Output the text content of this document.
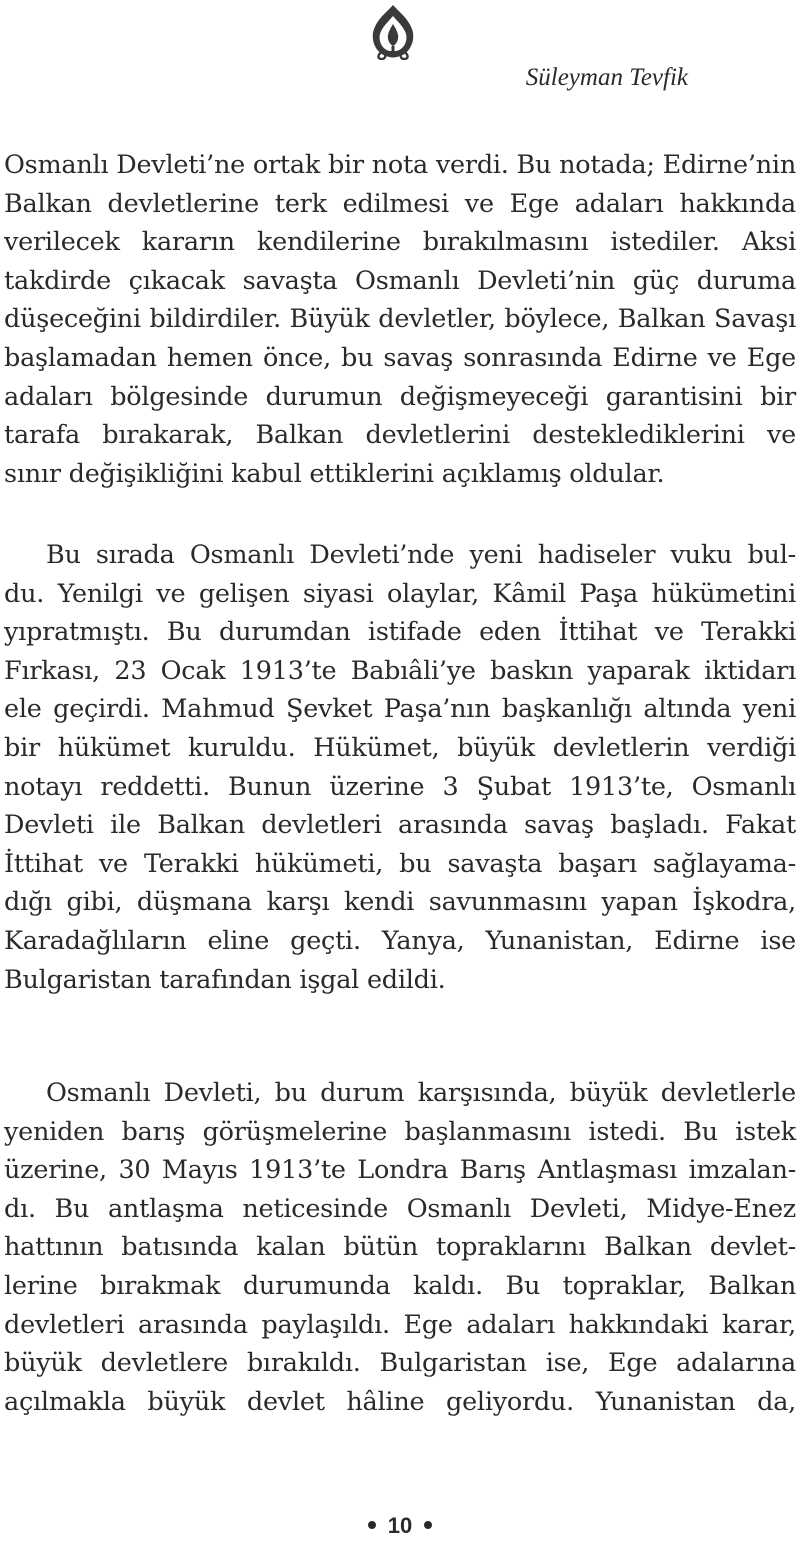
Süleyman Tevfik
Osmanlı Devleti’ne ortak bir nota verdi. Bu notada; Edirne’nin
Balkan devletlerine terk edilmesi ve Ege adaları hakkında
verilecek kararın kendilerine bırakılmasını istediler. Aksi
takdirde çıkacak savaşta Osmanlı Devleti’nin güç duruma
düşeceğini bildirdiler. Büyük devletler, böylece, Balkan Savaşı
başlamadan hemen önce, bu savaş sonrasında Edirne ve Ege
adaları bölgesinde durumun değişmeyeceği garantisini bir
tarafa bırakarak, Balkan devletlerini desteklediklerini ve
sınır değişikliğini kabul ettiklerini açıklamış oldular.
Bu sırada Osmanlı Devleti’nde yeni hadiseler vuku bul-
du. Yenilgi ve gelişen siyasi olaylar, Kâmil Paşa hükümetini
yıpratmıştı. Bu durumdan istifade eden İttihat ve Terakki
Fırkası, 23 Ocak 1913’te Babıâli’ye baskın yaparak iktidarı
ele geçirdi. Mahmud Şevket Paşa’nın başkanlığı altında yeni
bir hükümet kuruldu. Hükümet, büyük devletlerin verdiği
notayı reddetti. Bunun üzerine 3 Şubat 1913’te, Osmanlı
Devleti ile Balkan devletleri arasında savaş başladı. Fakat
İttihat ve Terakki hükümeti, bu savaşta başarı sağlayama-
dığı gibi, düşmana karşı kendi savunmasını yapan İşkodra,
Karadağlıların eline geçti. Yanya, Yunanistan, Edirne ise
Bulgaristan tarafından işgal edildi.
Osmanlı Devleti, bu durum karşısında, büyük devletlerle
yeniden barış görüşmelerine başlanmasını istedi. Bu istek
üzerine, 30 Mayıs 1913’te Londra Barış Antlaşması imzalan-
dı. Bu antlaşma neticesinde Osmanlı Devleti, Midye-Enez
hattının batısında kalan bütün topraklarını Balkan devlet-
lerine bırakmak durumunda kaldı. Bu topraklar, Balkan
devletleri arasında paylaşıldı. Ege adaları hakkındaki karar,
büyük devletlere bırakıldı. Bulgaristan ise, Ege adalarına
açılmakla büyük devlet hâline geliyordu. Yunanistan da,
10
